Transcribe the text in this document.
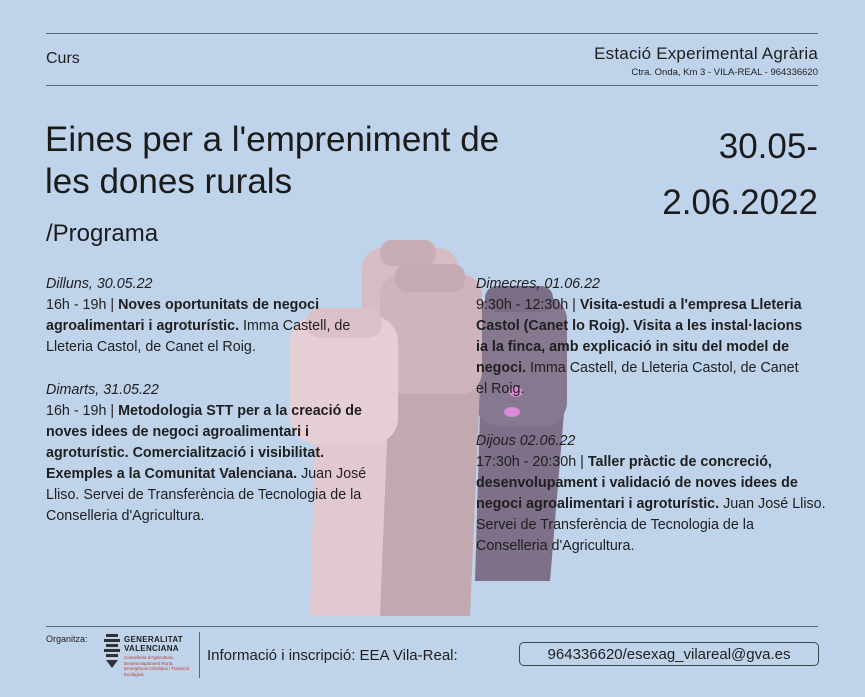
Curs	Estació Experimental Agrària
Ctra. Onda, Km 3 - VILA-REAL - 964336620
Eines per a l'empreniment de
les dones rurals
30.05-
2.06.2022
/Programa
Dilluns, 30.05.22
16h - 19h | Noves oportunitats de negoci agroalimentari i agroturístic. Imma Castell, de Lleteria Castol, de Canet el Roig.
Dimarts, 31.05.22
16h - 19h | Metodologia STT per a la creació de noves idees de negoci agroalimentari i agroturístic. Comercialització i visibilitat. Exemples a la Comunitat Valenciana. Juan José Lliso. Servei de Transferència de Tecnologia de la Conselleria d'Agricultura.
Dimecres, 01.06.22
9:30h - 12:30h | Visita-estudi a l'empresa Lleteria Castol (Canet lo Roig). Visita a les instal·lacions ia la finca, amb explicació in situ del model de negoci. Imma Castell, de Lleteria Castol, de Canet el Roig.
Dijous 02.06.22
17:30h - 20:30h | Taller pràctic de concreció, desenvolupament i validació de noves idees de negoci agroalimentari i agroturístic. Juan José Lliso. Servei de Transferència de Tecnologia de la Conselleria d'Agricultura.
Organitza:	GENERALITAT VALENCIANA
Conselleria d'Agricultura, Desenvolupament Rural, Emergència Climàtica i Transició Ecològica
Informació i inscripció: EEA Vila-Real:	964336620/esexag_vilareal@gva.es
